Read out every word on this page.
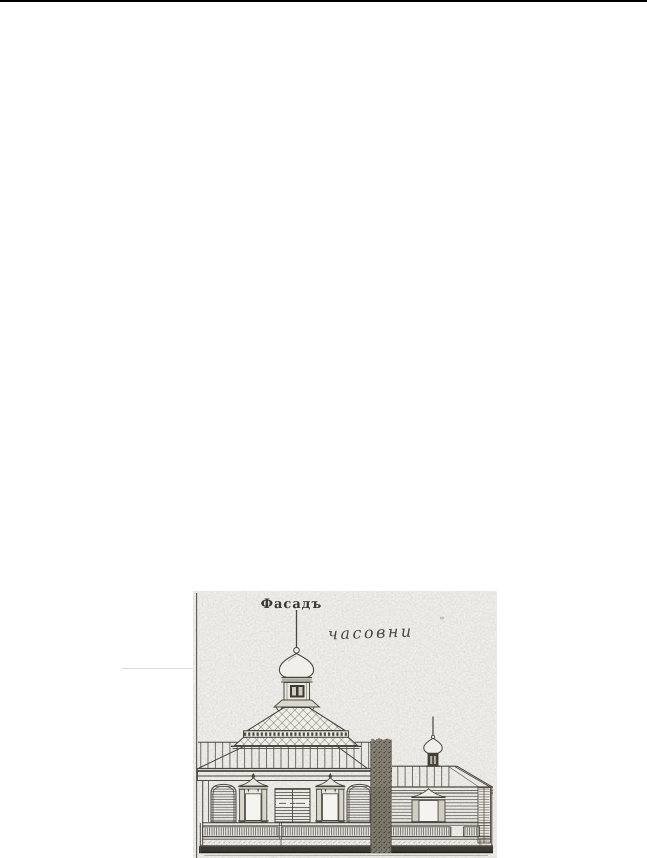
Фасадъ
часовни
